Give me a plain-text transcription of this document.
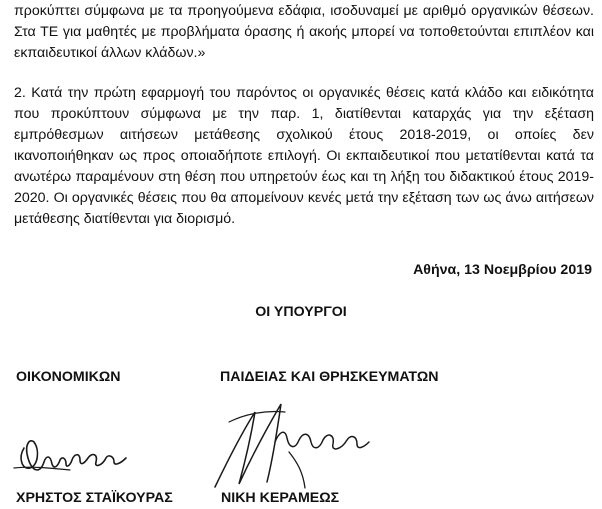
προκύπτει σύμφωνα με τα προηγούμενα εδάφια, ισοδυναμεί με αριθμό οργανικών θέσεων.
Στα ΤΕ για μαθητές με προβλήματα όρασης ή ακοής μπορεί να τοποθετούνται επιπλέον και
εκπαιδευτικοί άλλων κλάδων.»
2. Κατά την πρώτη εφαρμογή του παρόντος οι οργανικές θέσεις κατά κλάδο και ειδικότητα
που προκύπτουν σύμφωνα με την παρ. 1, διατίθενται καταρχάς για την εξέταση
εμπρόθεσμων αιτήσεων μετάθεσης σχολικού έτους 2018-2019, οι οποίες δεν
ικανοποιήθηκαν ως προς οποιαδήποτε επιλογή. Οι εκπαιδευτικοί που μετατίθενται κατά τα
ανωτέρω παραμένουν στη θέση που υπηρετούν έως και τη λήξη του διδακτικού έτους 2019-
2020. Οι οργανικές θέσεις που θα απομείνουν κενές μετά την εξέταση των ως άνω αιτήσεων
μετάθεσης διατίθενται για διορισμό.
Αθήνα, 13 Νοεμβρίου 2019
ΟΙ ΥΠΟΥΡΓΟΙ
ΟΙΚΟΝΟΜΙΚΩΝ	ΠΑΙΔΕΙΑΣ ΚΑΙ ΘΡΗΣΚΕΥΜΑΤΩΝ
ΧΡΗΣΤΟΣ ΣΤΑΪΚΟΥΡΑΣ	ΝΙΚΗ ΚΕΡΑΜΕΩΣ
